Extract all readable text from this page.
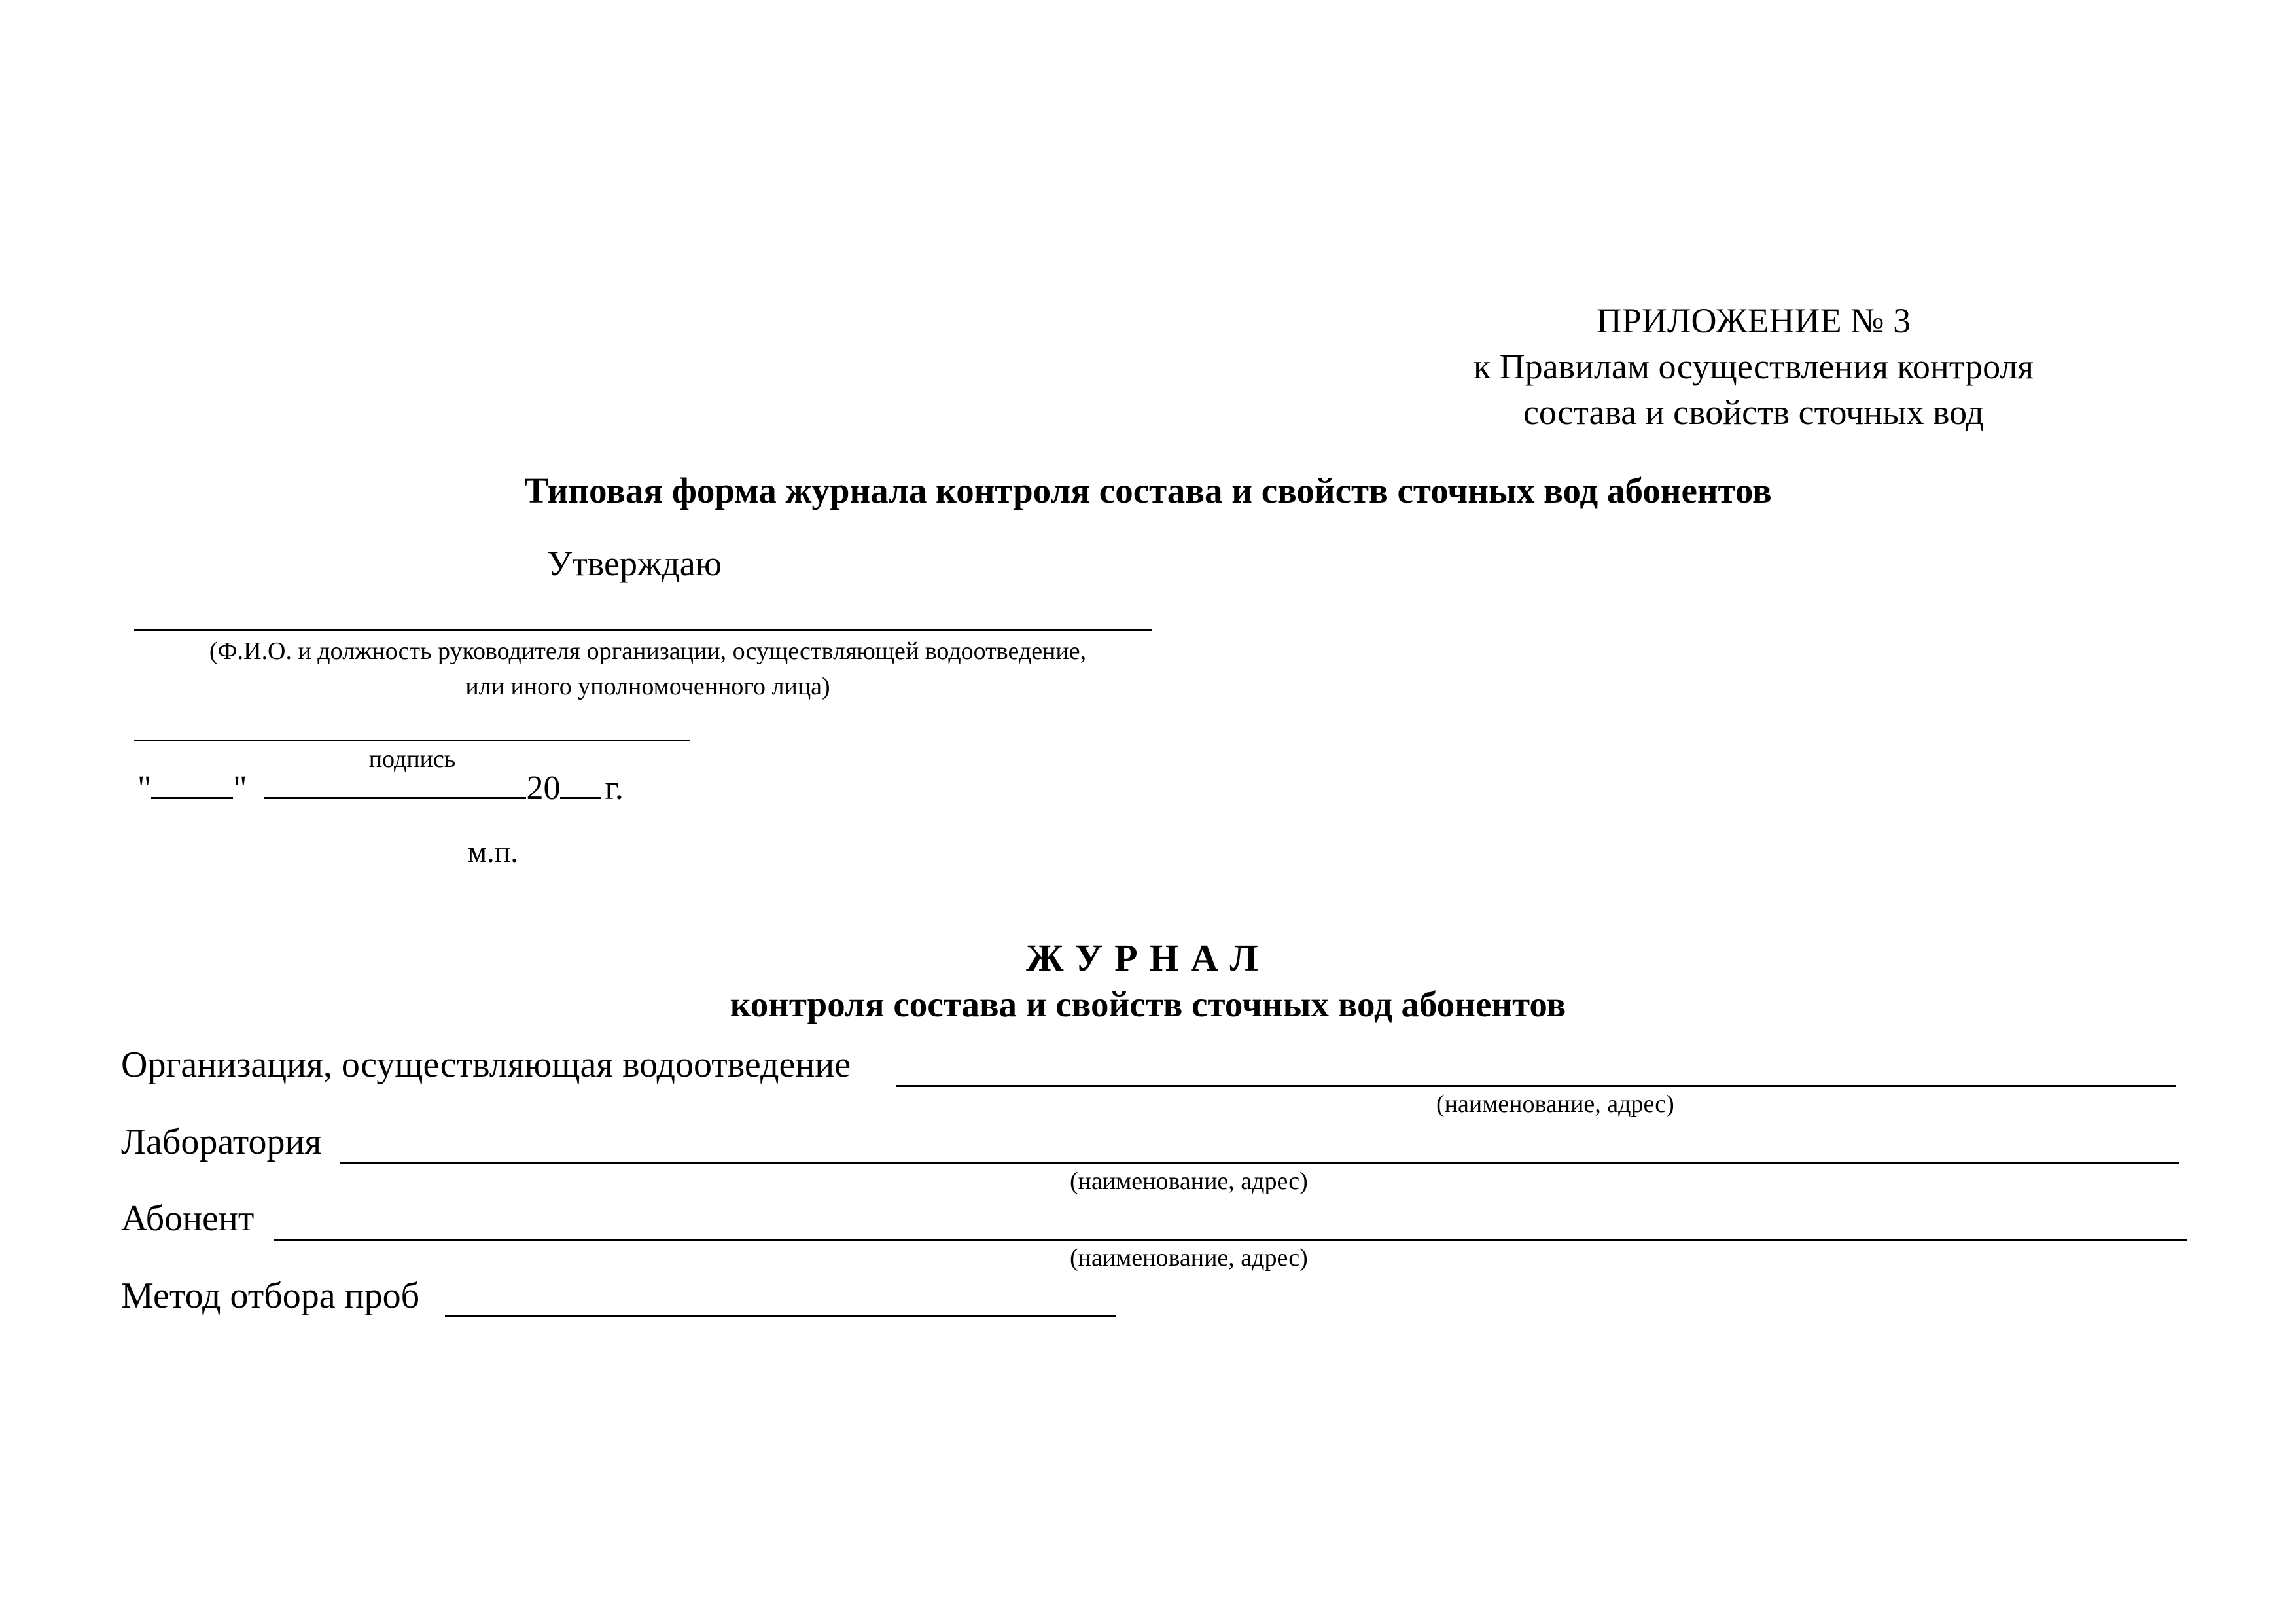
ПРИЛОЖЕНИЕ № 3
к Правилам осуществления контроля
состава и свойств сточных вод
Типовая форма журнала контроля состава и свойств сточных вод абонентов
Утверждаю
(Ф.И.О. и должность руководителя организации, осуществляющей водоотведение,
или иного уполномоченного лица)
подпись
" "	20 г.
м.п.
ЖУРНАЛ
контроля состава и свойств сточных вод абонентов
Организация, осуществляющая водоотведение
(наименование, адрес)
Лаборатория
(наименование, адрес)
Абонент
(наименование, адрес)
Метод отбора проб
